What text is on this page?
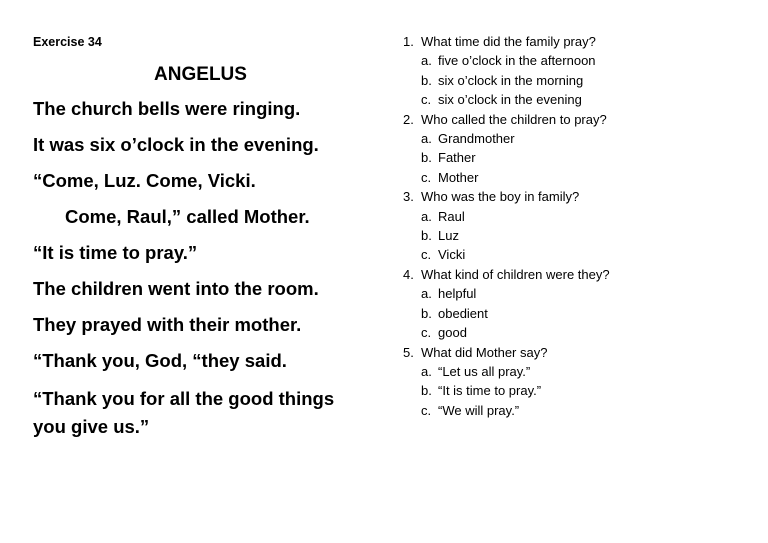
Exercise 34

ANGELUS

The church bells were ringing.

It was six o’clock in the evening.

“Come, Luz. Come, Vicki.

Come, Raul,” called Mother.

“It is time to pray.”

The children went into the room.

They prayed with their mother.

“Thank you, God, “they said.

“Thank you for all the good things you give us.”

1. What time did the family pray?
a. five o’clock in the afternoon
b. six o’clock in the morning
c. six o’clock in the evening
2. Who called the children to pray?
a. Grandmother
b. Father
c. Mother
3. Who was the boy in family?
a. Raul
b. Luz
c. Vicki
4. What kind of children were they?
a. helpful
b. obedient
c. good
5. What did Mother say?
a. “Let us all pray.”
b. “It is time to pray.”
c. “We will pray.”
